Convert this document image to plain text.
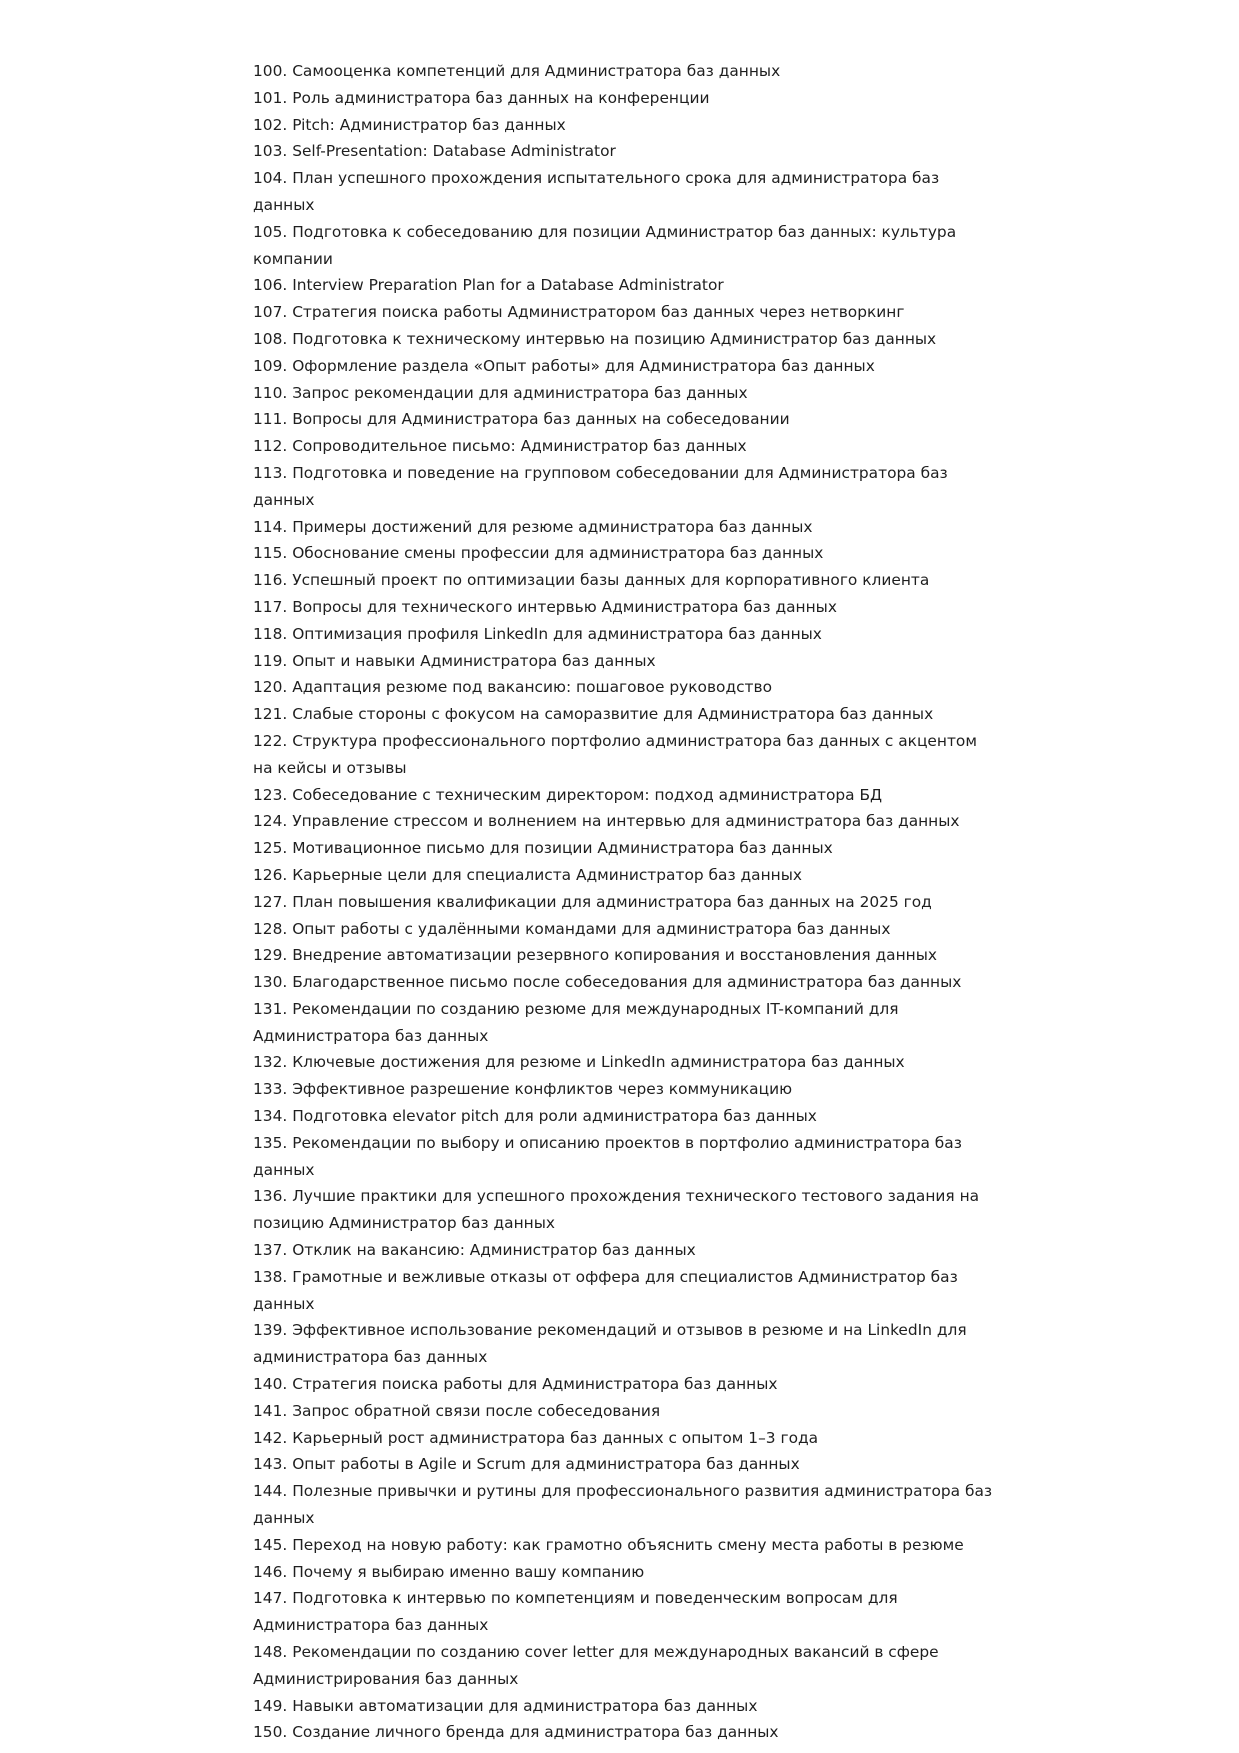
100. Самооценка компетенций для Администратора баз данных
101. Роль администратора баз данных на конференции
102. Pitch: Администратор баз данных
103. Self-Presentation: Database Administrator
104. План успешного прохождения испытательного срока для администратора баз данных
105. Подготовка к собеседованию для позиции Администратор баз данных: культура компании
106. Interview Preparation Plan for a Database Administrator
107. Стратегия поиска работы Администратором баз данных через нетворкинг
108. Подготовка к техническому интервью на позицию Администратор баз данных
109. Оформление раздела «Опыт работы» для Администратора баз данных
110. Запрос рекомендации для администратора баз данных
111. Вопросы для Администратора баз данных на собеседовании
112. Сопроводительное письмо: Администратор баз данных
113. Подготовка и поведение на групповом собеседовании для Администратора баз данных
114. Примеры достижений для резюме администратора баз данных
115. Обоснование смены профессии для администратора баз данных
116. Успешный проект по оптимизации базы данных для корпоративного клиента
117. Вопросы для технического интервью Администратора баз данных
118. Оптимизация профиля LinkedIn для администратора баз данных
119. Опыт и навыки Администратора баз данных
120. Адаптация резюме под вакансию: пошаговое руководство
121. Слабые стороны с фокусом на саморазвитие для Администратора баз данных
122. Структура профессионального портфолио администратора баз данных с акцентом на кейсы и отзывы
123. Собеседование с техническим директором: подход администратора БД
124. Управление стрессом и волнением на интервью для администратора баз данных
125. Мотивационное письмо для позиции Администратора баз данных
126. Карьерные цели для специалиста Администратор баз данных
127. План повышения квалификации для администратора баз данных на 2025 год
128. Опыт работы с удалёнными командами для администратора баз данных
129. Внедрение автоматизации резервного копирования и восстановления данных
130. Благодарственное письмо после собеседования для администратора баз данных
131. Рекомендации по созданию резюме для международных IT-компаний для Администратора баз данных
132. Ключевые достижения для резюме и LinkedIn администратора баз данных
133. Эффективное разрешение конфликтов через коммуникацию
134. Подготовка elevator pitch для роли администратора баз данных
135. Рекомендации по выбору и описанию проектов в портфолио администратора баз данных
136. Лучшие практики для успешного прохождения технического тестового задания на позицию Администратор баз данных
137. Отклик на вакансию: Администратор баз данных
138. Грамотные и вежливые отказы от оффера для специалистов Администратор баз данных
139. Эффективное использование рекомендаций и отзывов в резюме и на LinkedIn для администратора баз данных
140. Стратегия поиска работы для Администратора баз данных
141. Запрос обратной связи после собеседования
142. Карьерный рост администратора баз данных с опытом 1–3 года
143. Опыт работы в Agile и Scrum для администратора баз данных
144. Полезные привычки и рутины для профессионального развития администратора баз данных
145. Переход на новую работу: как грамотно объяснить смену места работы в резюме
146. Почему я выбираю именно вашу компанию
147. Подготовка к интервью по компетенциям и поведенческим вопросам для Администратора баз данных
148. Рекомендации по созданию cover letter для международных вакансий в сфере Администрирования баз данных
149. Навыки автоматизации для администратора баз данных
150. Создание личного бренда для администратора баз данных
